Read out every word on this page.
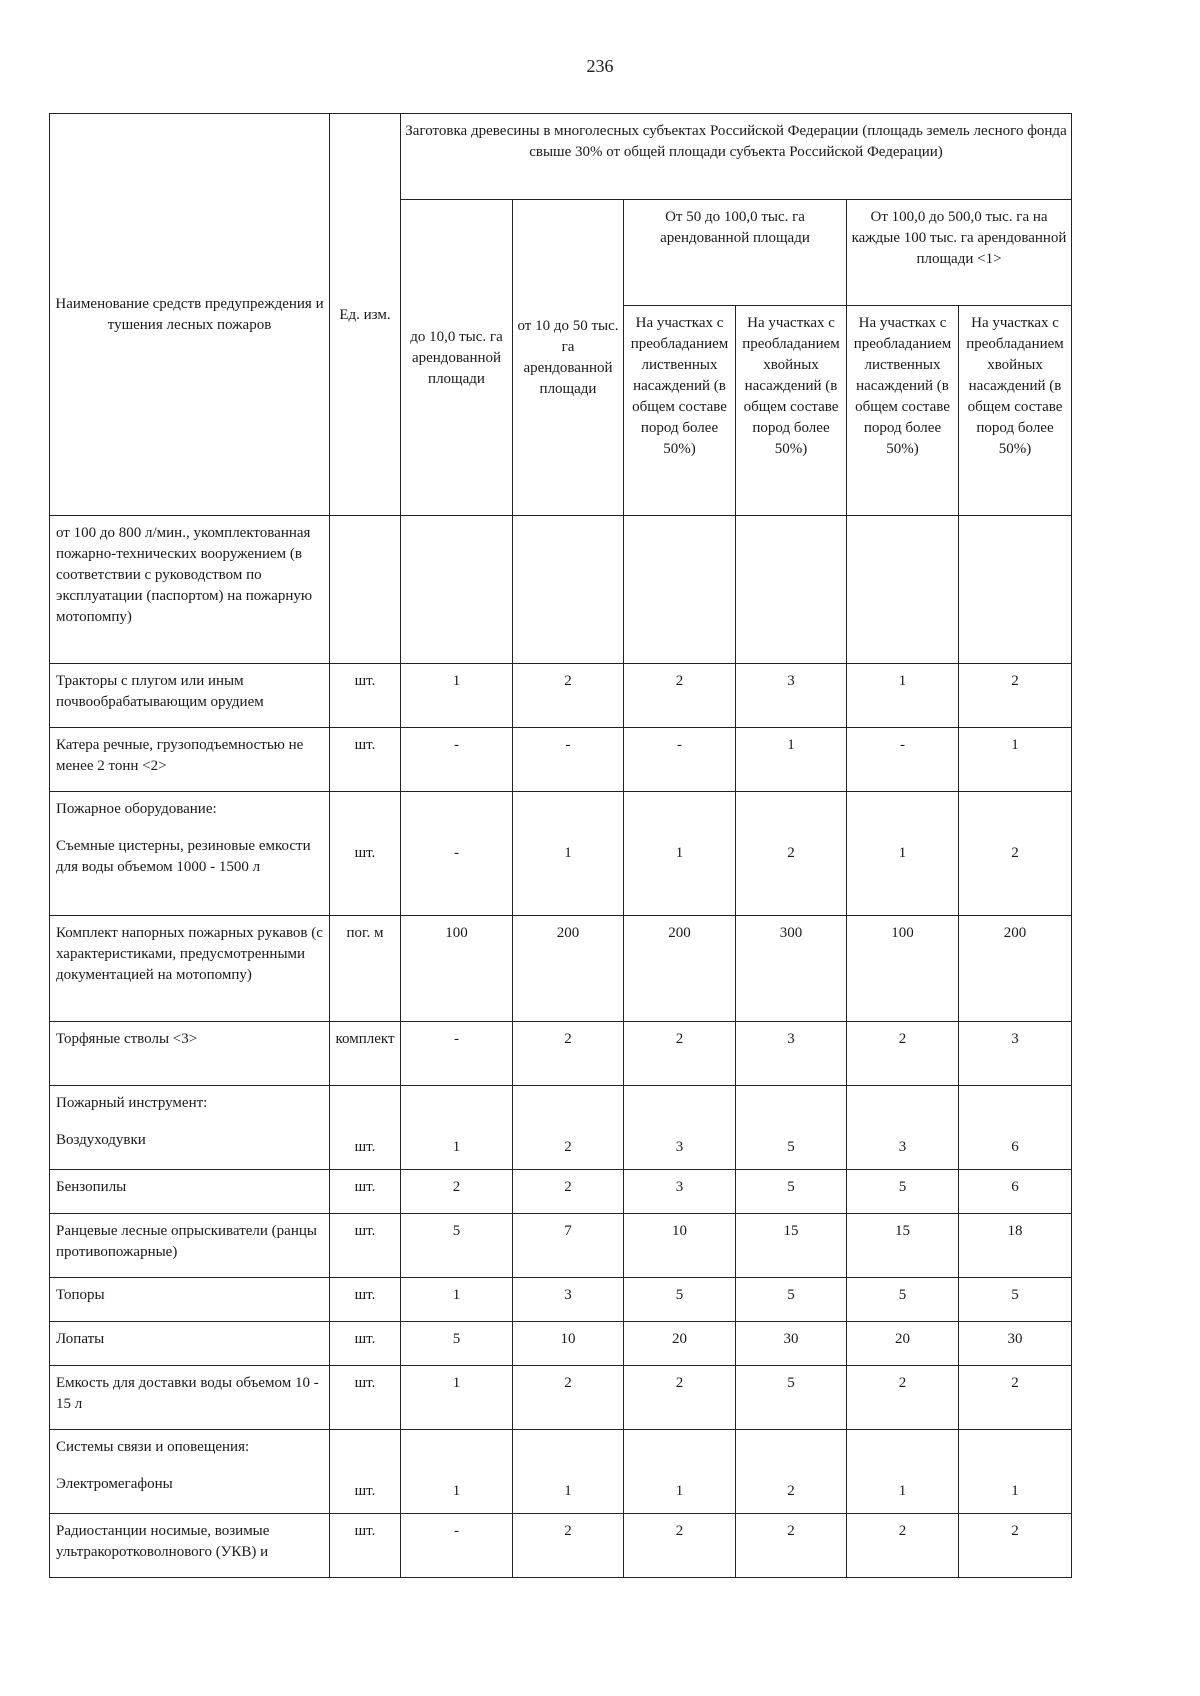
236
Наименование средств предупреждения и тушения лесных пожаров	Ед. изм.	Заготовка древесины в многолесных субъектах Российской Федерации (площадь земель лесного фонда свыше 30% от общей площади субъекта Российской Федерации)					
		до 10,0 тыс. га арендованной площади	от 10 до 50 тыс. га арендованной площади	От 50 до 100,0 тыс. га арендованной площади		От 100,0 до 500,0 тыс. га на каждые 100 тыс. га арендованной площади <1>	
				На участках с преобладанием лиственных насаждений (в общем составе пород более 50%)	На участках с преобладанием хвойных насаждений (в общем составе пород более 50%)	На участках с преобладанием лиственных насаждений (в общем составе пород более 50%)	На участках с преобладанием хвойных насаждений (в общем составе пород более 50%)

от 100 до 800 л/мин., укомплектованная пожарно-технических вооружением (в соответствии с руководством по эксплуатации (паспортом) на пожарную мотопомпу)							

Тракторы с плугом или иным почвообрабатывающим орудием	шт.	1	2	2	3	1	2

Катера речные, грузоподъемностью не менее 2 тонн <2>	шт.	-	-	-	1	-	1

Пожарное оборудование:
Съемные цистерны, резиновые емкости для воды объемом 1000 - 1500 л	шт.	-	1	1	2	1	2

Комплект напорных пожарных рукавов (с характеристиками, предусмотренными документацией на мотопомпу)	пог. м	100	200	200	300	100	200

Торфяные стволы <3>	комплект	-	2	2	3	2	3

Пожарный инструмент:
Воздуходувки	шт.	1	2	3	5	3	6

Бензопилы	шт.	2	2	3	5	5	6

Ранцевые лесные опрыскиватели (ранцы противопожарные)	шт.	5	7	10	15	15	18

Топоры	шт.	1	3	5	5	5	5

Лопаты	шт.	5	10	20	30	20	30

Емкость для доставки воды объемом 10 - 15 л	шт.	1	2	2	5	2	2

Системы связи и оповещения:
Электромегафоны	шт.	1	1	1	2	1	1

Радиостанции носимые, возимые ультракоротковолнового (УКВ) и	шт.	-	2	2	2	2	2
